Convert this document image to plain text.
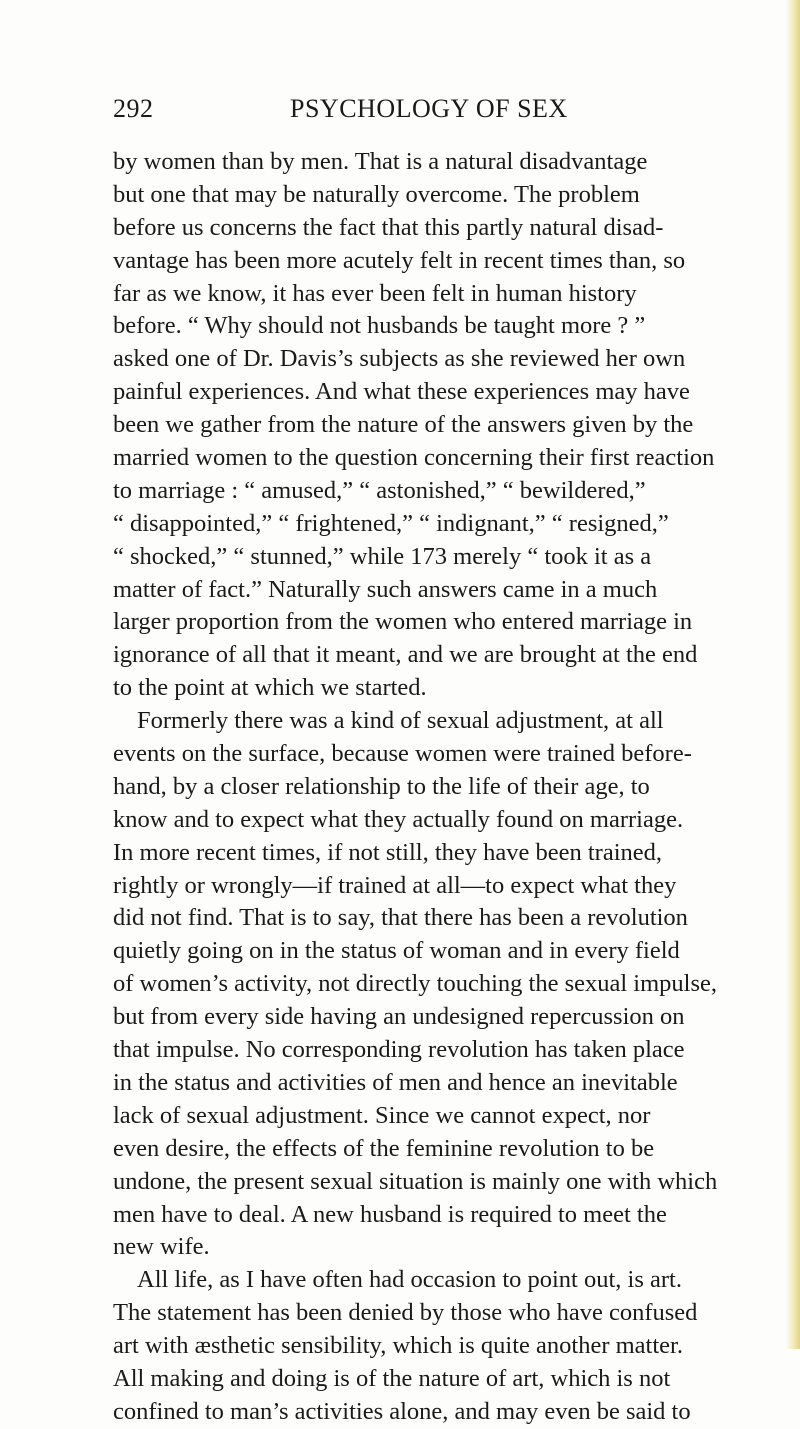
292	PSYCHOLOGY OF SEX
by women than by men. That is a natural disadvantage
but one that may be naturally overcome. The problem
before us concerns the fact that this partly natural disad-
vantage has been more acutely felt in recent times than, so
far as we know, it has ever been felt in human history
before. “ Why should not husbands be taught more ? ”
asked one of Dr. Davis’s subjects as she reviewed her own
painful experiences. And what these experiences may have
been we gather from the nature of the answers given by the
married women to the question concerning their first reaction
to marriage : “ amused,” “ astonished,” “ bewildered,”
“ disappointed,” “ frightened,” “ indignant,” “ resigned,”
“ shocked,” “ stunned,” while 173 merely “ took it as a
matter of fact.” Naturally such answers came in a much
larger proportion from the women who entered marriage in
ignorance of all that it meant, and we are brought at the end
to the point at which we started.
Formerly there was a kind of sexual adjustment, at all
events on the surface, because women were trained before-
hand, by a closer relationship to the life of their age, to
know and to expect what they actually found on marriage.
In more recent times, if not still, they have been trained,
rightly or wrongly—if trained at all—to expect what they
did not find. That is to say, that there has been a revolution
quietly going on in the status of woman and in every field
of women’s activity, not directly touching the sexual impulse,
but from every side having an undesigned repercussion on
that impulse. No corresponding revolution has taken place
in the status and activities of men and hence an inevitable
lack of sexual adjustment. Since we cannot expect, nor
even desire, the effects of the feminine revolution to be
undone, the present sexual situation is mainly one with which
men have to deal. A new husband is required to meet the
new wife.
All life, as I have often had occasion to point out, is art.
The statement has been denied by those who have confused
art with æsthetic sensibility, which is quite another matter.
All making and doing is of the nature of art, which is not
confined to man’s activities alone, and may even be said to
